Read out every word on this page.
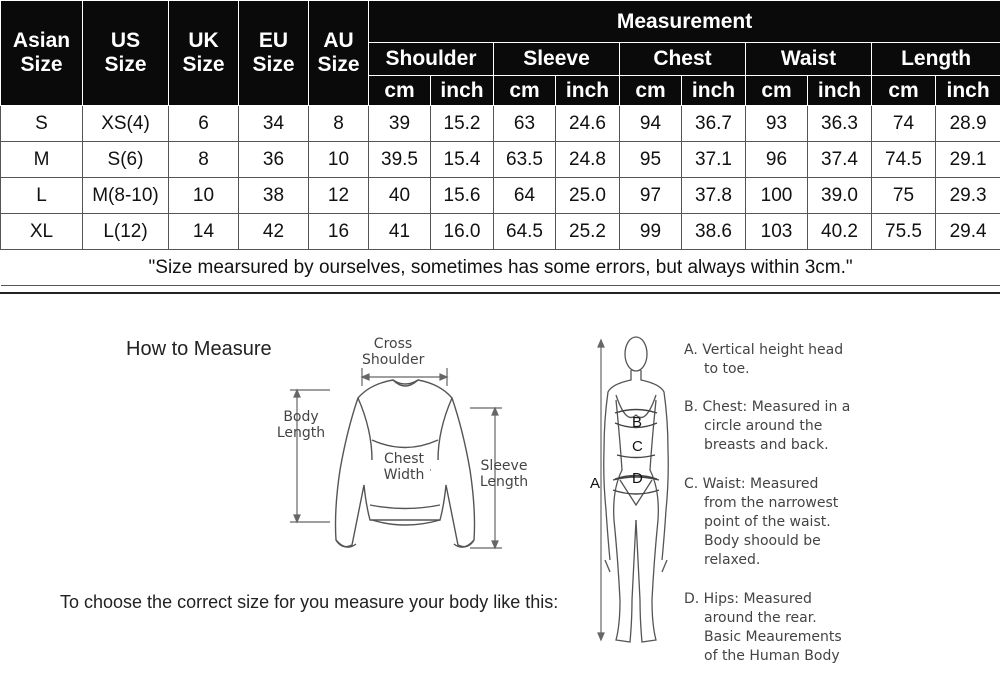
Asian
Size	US
Size	UK
Size	EU
Size	AU
Size	Measurement									
					Shoulder		Sleeve		Chest		Waist		Length	
					cm	inch	cm	inch	cm	inch	cm	inch	cm	inch
S	XS(4)	6	34	8	39	15.2	63	24.6	94	36.7	93	36.3	74	28.9
M	S(6)	8	36	10	39.5	15.4	63.5	24.8	95	37.1	96	37.4	74.5	29.1
L	M(8-10)	10	38	12	40	15.6	64	25.0	97	37.8	100	39.0	75	29.3
XL	L(12)	14	42	16	41	16.0	64.5	25.2	99	38.6	103	40.2	75.5	29.4
"Size mearsured by ourselves, sometimes has some errors, but always within 3cm."														
How to Measure
To choose the correct size for you measure your body like this:
Cross
Shoulder
Body
Length
Chest
Width
Sleeve
Length	A
B
C
D
A. Vertical height head
to toe.
B. Chest: Measured in a
circle around the
breasts and back.
C. Waist: Measured
from the narrowest
point of the waist.
Body shoould be
relaxed.
D. Hips: Measured
around the rear.
Basic Meaurements
of the Human Body
